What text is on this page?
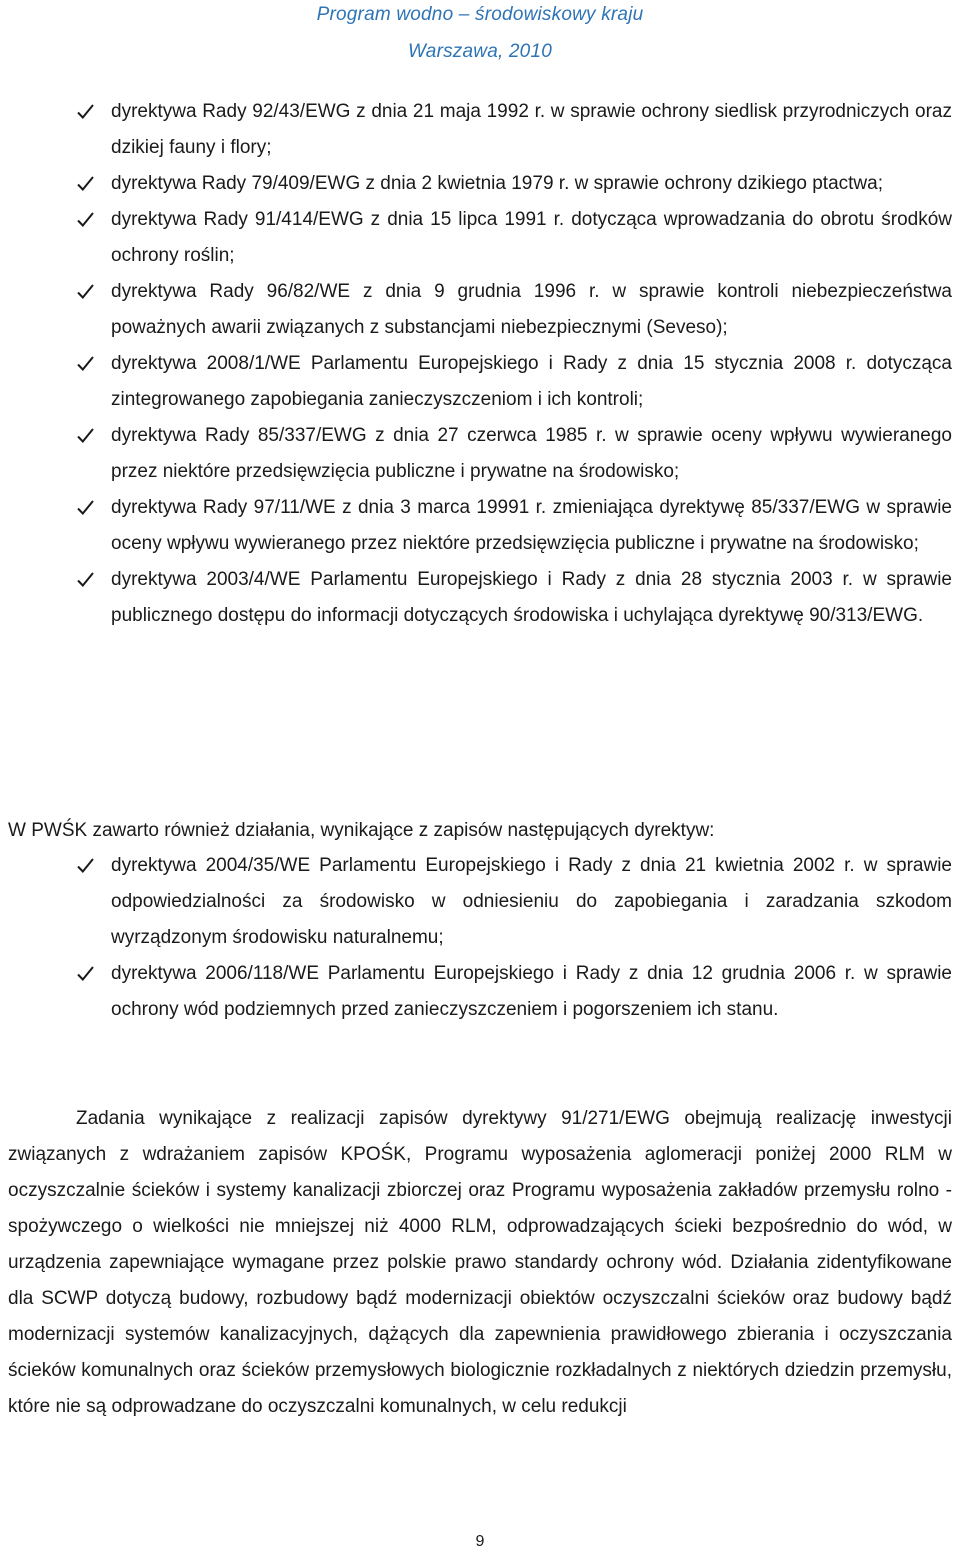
Program wodno – środowiskowy kraju
Warszawa, 2010
dyrektywa Rady 92/43/EWG z dnia 21 maja 1992 r. w sprawie ochrony siedlisk przyrodniczych oraz dzikiej fauny i flory;
dyrektywa Rady 79/409/EWG z dnia 2 kwietnia 1979 r. w sprawie ochrony dzikiego ptactwa;
dyrektywa Rady 91/414/EWG z dnia 15 lipca 1991 r. dotycząca wprowadzania do obrotu środków ochrony roślin;
dyrektywa Rady 96/82/WE z dnia 9 grudnia 1996 r. w sprawie kontroli niebezpieczeństwa poważnych awarii związanych z substancjami niebezpiecznymi (Seveso);
dyrektywa 2008/1/WE Parlamentu Europejskiego i Rady z dnia 15 stycznia 2008 r. dotycząca zintegrowanego zapobiegania zanieczyszczeniom i ich kontroli;
dyrektywa Rady 85/337/EWG z dnia 27 czerwca 1985 r. w sprawie oceny wpływu wywieranego przez niektóre przedsięwzięcia publiczne i prywatne na środowisko;
dyrektywa Rady 97/11/WE z dnia 3 marca 19991 r. zmieniająca dyrektywę 85/337/EWG w sprawie oceny wpływu wywieranego przez niektóre przedsięwzięcia publiczne i prywatne na środowisko;
dyrektywa 2003/4/WE Parlamentu Europejskiego i Rady z dnia 28 stycznia 2003 r. w sprawie publicznego dostępu do informacji dotyczących środowiska i uchylająca dyrektywę 90/313/EWG.

W PWŚK zawarto również działania, wynikające z zapisów następujących dyrektyw:

dyrektywa 2004/35/WE Parlamentu Europejskiego i Rady z dnia 21 kwietnia 2002 r. w sprawie odpowiedzialności za środowisko w odniesieniu do zapobiegania i zaradzania szkodom wyrządzonym środowisku naturalnemu;
dyrektywa 2006/118/WE Parlamentu Europejskiego i Rady z dnia 12 grudnia 2006 r. w sprawie ochrony wód podziemnych przed zanieczyszczeniem i pogorszeniem ich stanu.

Zadania wynikające z realizacji zapisów dyrektywy 91/271/EWG obejmują realizację inwestycji związanych z wdrażaniem zapisów KPOŚK, Programu wyposażenia aglomeracji poniżej 2000 RLM w oczyszczalnie ścieków i systemy kanalizacji zbiorczej oraz Programu wyposażenia zakładów przemysłu rolno - spożywczego o wielkości nie mniejszej niż 4000 RLM, odprowadzających ścieki bezpośrednio do wód, w urządzenia zapewniające wymagane przez polskie prawo standardy ochrony wód. Działania zidentyfikowane dla SCWP dotyczą budowy, rozbudowy bądź modernizacji obiektów oczyszczalni ścieków oraz budowy bądź modernizacji systemów kanalizacyjnych, dążących dla zapewnienia prawidłowego zbierania i oczyszczania ścieków komunalnych oraz ścieków przemysłowych biologicznie rozkładalnych z niektórych dziedzin przemysłu, które nie są odprowadzane do oczyszczalni komunalnych, w celu redukcji

9
